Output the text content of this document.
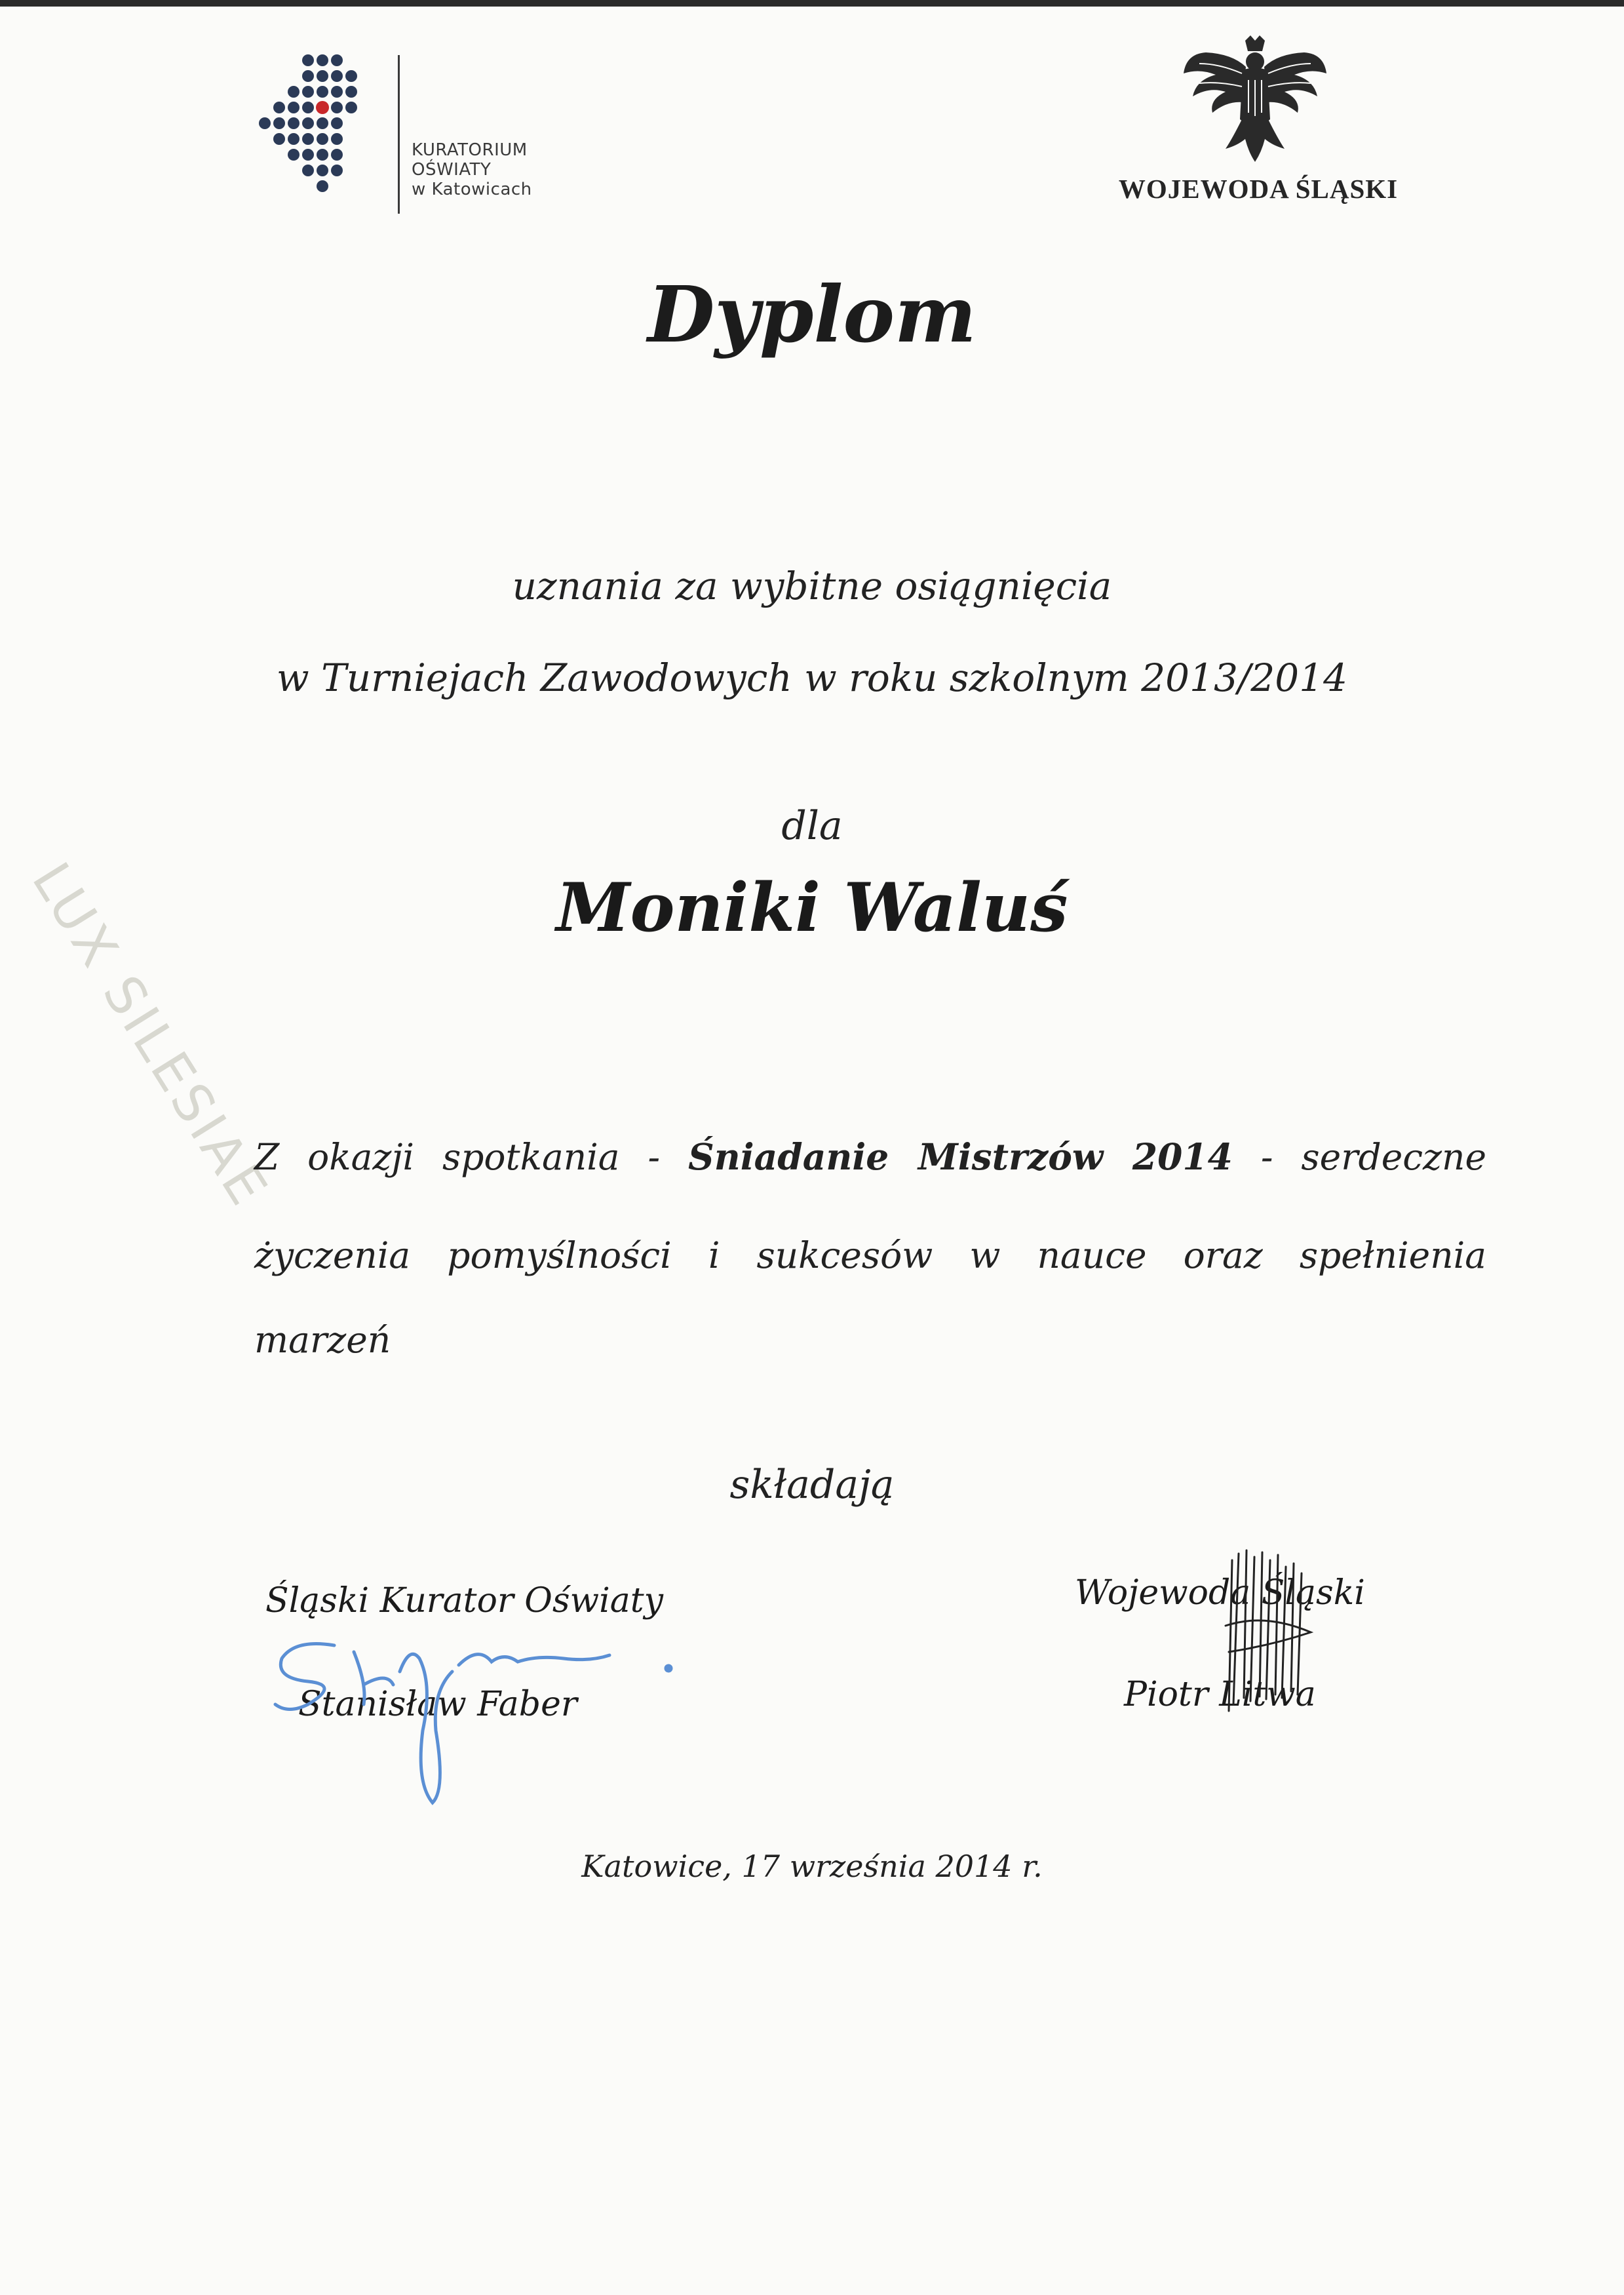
KURATORIUM
OŚWIATY
w Katowicach	WOJEWODA ŚLĄSKI
LUX SILESIAE
Dyplom
uznania za wybitne osiągnięcia
w Turniejach Zawodowych w roku szkolnym 2013/2014
dla
Moniki Waluś
Z okazji spotkania - Śniadanie Mistrzów 2014 - serdeczne życzenia pomyślności i sukcesów w nauce oraz spełnienia
marzeń
składają
Śląski Kurator Oświaty
Stanisław Faber
Wojewoda Śląski
Piotr Litwa
Katowice, 17 września 2014 r.
